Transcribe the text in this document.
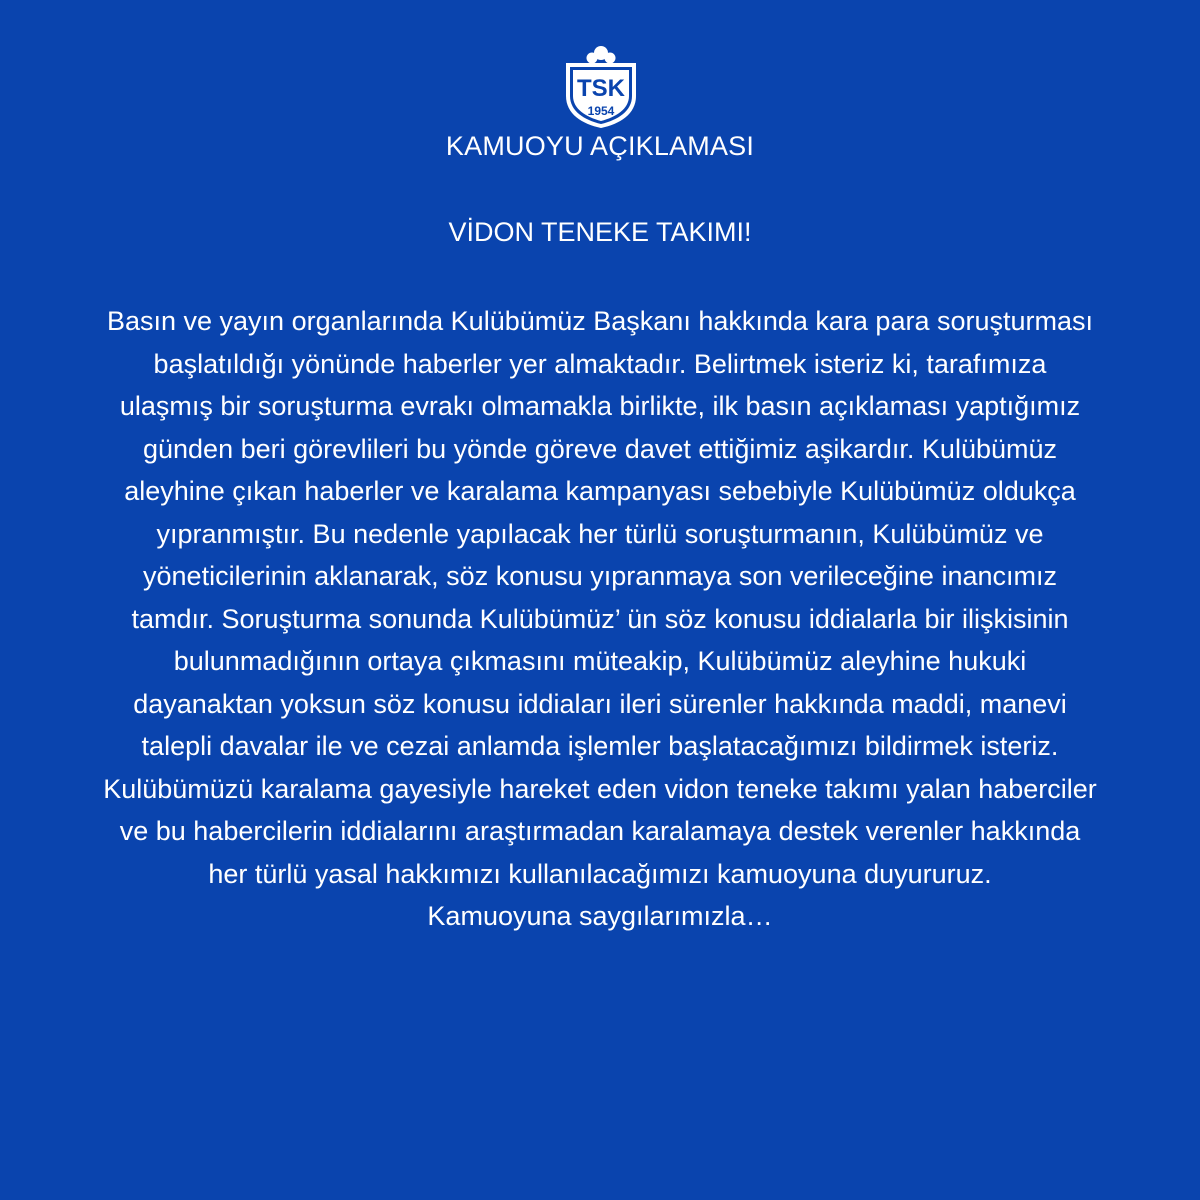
TSK
1954
KAMUOYU AÇIKLAMASI
VİDON TENEKE TAKIMI!
Basın ve yayın organlarında Kulübümüz Başkanı hakkında kara para soruşturması
başlatıldığı yönünde haberler yer almaktadır. Belirtmek isteriz ki, tarafımıza
ulaşmış bir soruşturma evrakı olmamakla birlikte, ilk basın açıklaması yaptığımız
günden beri görevlileri bu yönde göreve davet ettiğimiz aşikardır. Kulübümüz
aleyhine çıkan haberler ve karalama kampanyası sebebiyle Kulübümüz oldukça
yıpranmıştır. Bu nedenle yapılacak her türlü soruşturmanın, Kulübümüz ve
yöneticilerinin aklanarak, söz konusu yıpranmaya son verileceğine inancımız
tamdır. Soruşturma sonunda Kulübümüz’ ün söz konusu iddialarla bir ilişkisinin
bulunmadığının ortaya çıkmasını müteakip, Kulübümüz aleyhine hukuki
dayanaktan yoksun söz konusu iddiaları ileri sürenler hakkında maddi, manevi
talepli davalar ile ve cezai anlamda işlemler başlatacağımızı bildirmek isteriz.
Kulübümüzü karalama gayesiyle hareket eden vidon teneke takımı yalan haberciler
ve bu habercilerin iddialarını araştırmadan karalamaya destek verenler hakkında
her türlü yasal hakkımızı kullanılacağımızı kamuoyuna duyururuz.
Kamuoyuna saygılarımızla…
